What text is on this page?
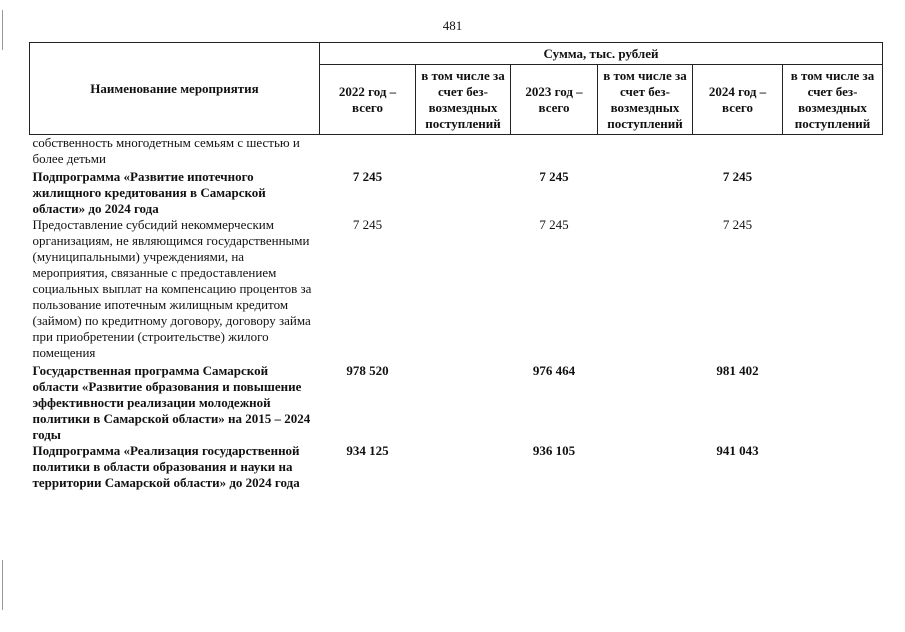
481
Наименование мероприятия	Сумма, тыс. рублей					
	2022 год – всего	в том числе за счет без-возмездных поступлений	2023 год – всего	в том числе за счет без-возмездных поступлений	2024 год – всего	в том числе за счет без-возмездных поступлений
собственность многодетным семьям с шестью и более детьми						
Подпрограмма «Развитие ипотечного жилищного кредитования в Самарской области» до 2024 года	7 245		7 245		7 245	
Предоставление субсидий некоммерческим организациям, не являющимся государственными (муниципальными) учреждениями, на мероприятия, связанные с предоставлением социальных выплат на компенсацию процентов за пользование ипотечным жилищным кредитом (займом) по кредитному договору, договору займа при приобретении (строительстве) жилого помещения	7 245		7 245		7 245	
Государственная программа Самарской области «Развитие образования и повышение эффективности реализации молодежной политики в Самарской области» на 2015 – 2024 годы	978 520		976 464		981 402	
Подпрограмма «Реализация государственной политики в области образования и науки на территории Самарской области» до 2024 года	934 125		936 105		941 043	
